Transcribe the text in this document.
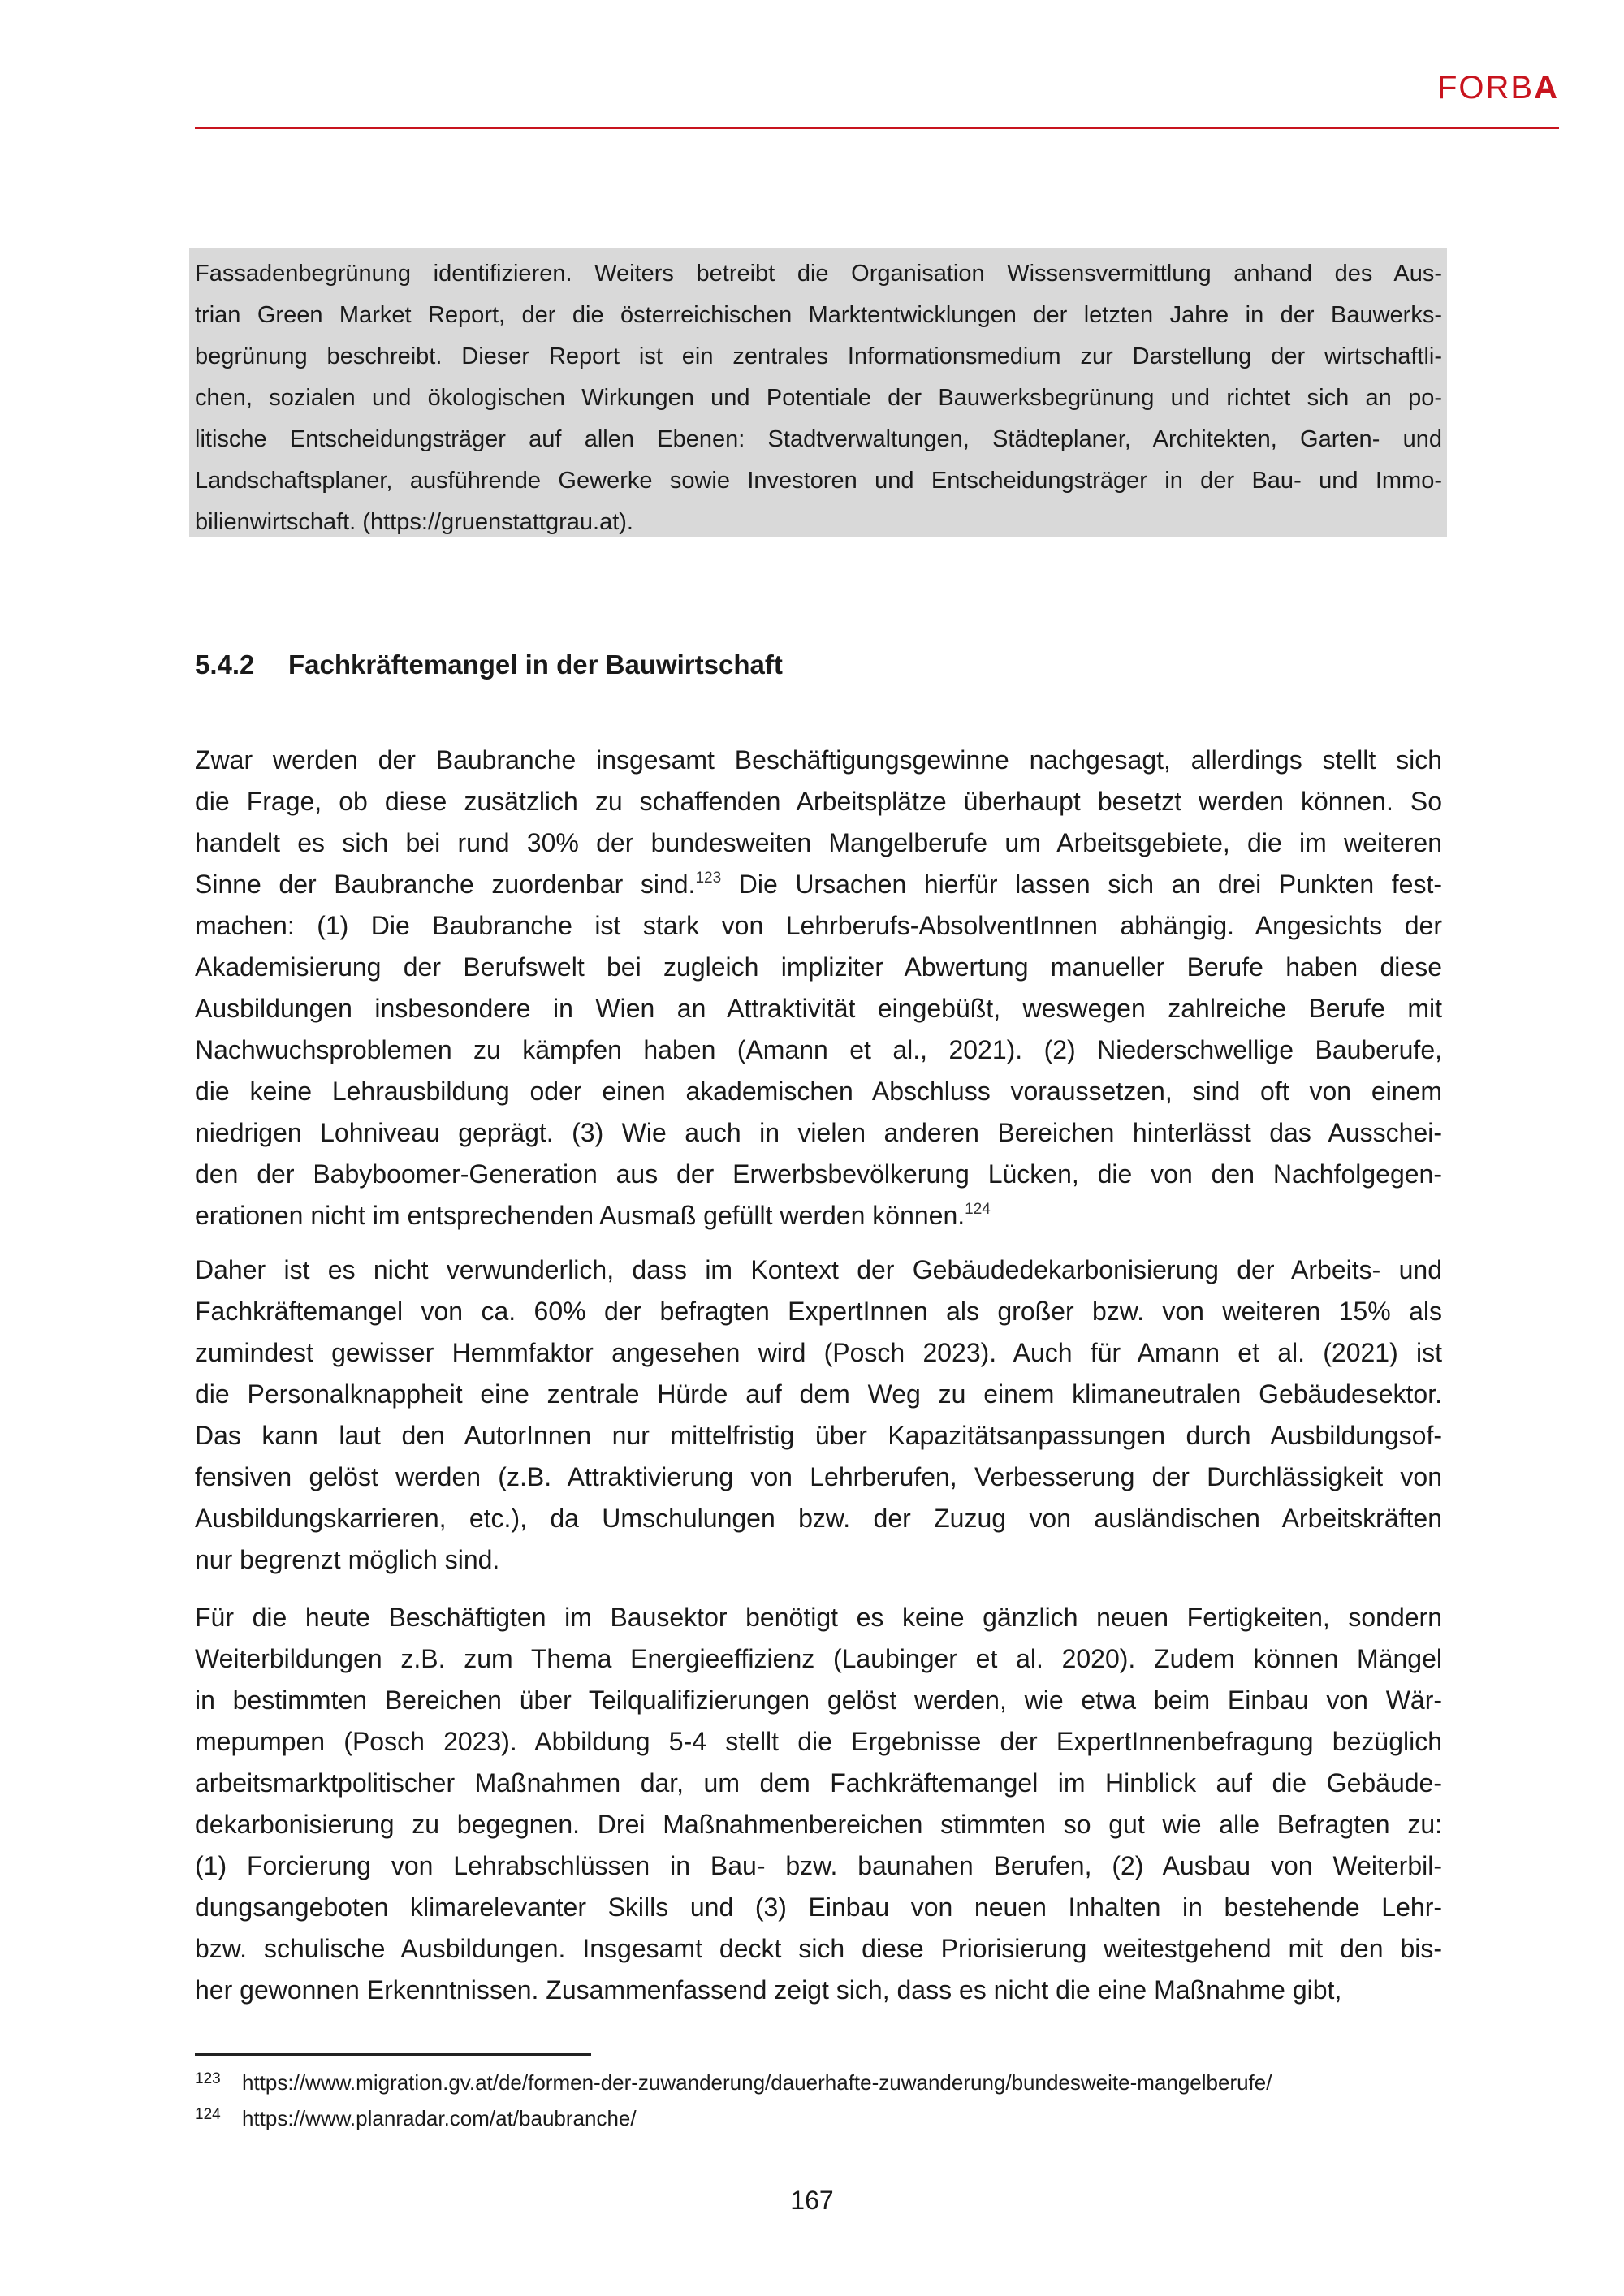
FORBA
Fassadenbegrünung identifizieren. Weiters betreibt die Organisation Wissensvermittlung anhand des Aus-
trian Green Market Report, der die österreichischen Marktentwicklungen der letzten Jahre in der Bauwerks-
begrünung beschreibt. Dieser Report ist ein zentrales Informationsmedium zur Darstellung der wirtschaftli-
chen, sozialen und ökologischen Wirkungen und Potentiale der Bauwerksbegrünung und richtet sich an po-
litische Entscheidungsträger auf allen Ebenen: Stadtverwaltungen, Städteplaner, Architekten, Garten- und
Landschaftsplaner, ausführende Gewerke sowie Investoren und Entscheidungsträger in der Bau- und Immo-
bilienwirtschaft. (https://gruenstattgrau.at).
5.4.2 Fachkräftemangel in der Bauwirtschaft
Zwar werden der Baubranche insgesamt Beschäftigungsgewinne nachgesagt, allerdings stellt sich
die Frage, ob diese zusätzlich zu schaffenden Arbeitsplätze überhaupt besetzt werden können. So
handelt es sich bei rund 30% der bundesweiten Mangelberufe um Arbeitsgebiete, die im weiteren
Sinne der Baubranche zuordenbar sind.$^{123}$ Die Ursachen hierfür lassen sich an drei Punkten fest-
machen: (1) Die Baubranche ist stark von Lehrberufs-AbsolventInnen abhängig. Angesichts der
Akademisierung der Berufswelt bei zugleich impliziter Abwertung manueller Berufe haben diese
Ausbildungen insbesondere in Wien an Attraktivität eingebüßt, weswegen zahlreiche Berufe mit
Nachwuchsproblemen zu kämpfen haben (Amann et al., 2021). (2) Niederschwellige Bauberufe,
die keine Lehrausbildung oder einen akademischen Abschluss voraussetzen, sind oft von einem
niedrigen Lohniveau geprägt. (3) Wie auch in vielen anderen Bereichen hinterlässt das Ausschei-
den der Babyboomer-Generation aus der Erwerbsbevölkerung Lücken, die von den Nachfolgegen-
erationen nicht im entsprechenden Ausmaß gefüllt werden können.$^{124}$
Daher ist es nicht verwunderlich, dass im Kontext der Gebäudedekarbonisierung der Arbeits- und
Fachkräftemangel von ca. 60% der befragten ExpertInnen als großer bzw. von weiteren 15% als
zumindest gewisser Hemmfaktor angesehen wird (Posch 2023). Auch für Amann et al. (2021) ist
die Personalknappheit eine zentrale Hürde auf dem Weg zu einem klimaneutralen Gebäudesektor.
Das kann laut den AutorInnen nur mittelfristig über Kapazitätsanpassungen durch Ausbildungsof-
fensiven gelöst werden (z.B. Attraktivierung von Lehrberufen, Verbesserung der Durchlässigkeit von
Ausbildungskarrieren, etc.), da Umschulungen bzw. der Zuzug von ausländischen Arbeitskräften
nur begrenzt möglich sind.
Für die heute Beschäftigten im Bausektor benötigt es keine gänzlich neuen Fertigkeiten, sondern
Weiterbildungen z.B. zum Thema Energieeffizienz (Laubinger et al. 2020). Zudem können Mängel
in bestimmten Bereichen über Teilqualifizierungen gelöst werden, wie etwa beim Einbau von Wär-
mepumpen (Posch 2023). Abbildung 5-4 stellt die Ergebnisse der ExpertInnenbefragung bezüglich
arbeitsmarktpolitischer Maßnahmen dar, um dem Fachkräftemangel im Hinblick auf die Gebäude-
dekarbonisierung zu begegnen. Drei Maßnahmenbereichen stimmten so gut wie alle Befragten zu:
(1) Forcierung von Lehrabschlüssen in Bau- bzw. baunahen Berufen, (2) Ausbau von Weiterbil-
dungsangeboten klimarelevanter Skills und (3) Einbau von neuen Inhalten in bestehende Lehr-
bzw. schulische Ausbildungen. Insgesamt deckt sich diese Priorisierung weitestgehend mit den bis-
her gewonnen Erkenntnissen. Zusammenfassend zeigt sich, dass es nicht die eine Maßnahme gibt,
123 https://www.migration.gv.at/de/formen-der-zuwanderung/dauerhafte-zuwanderung/bundesweite-mangelberufe/
124 https://www.planradar.com/at/baubranche/
167
